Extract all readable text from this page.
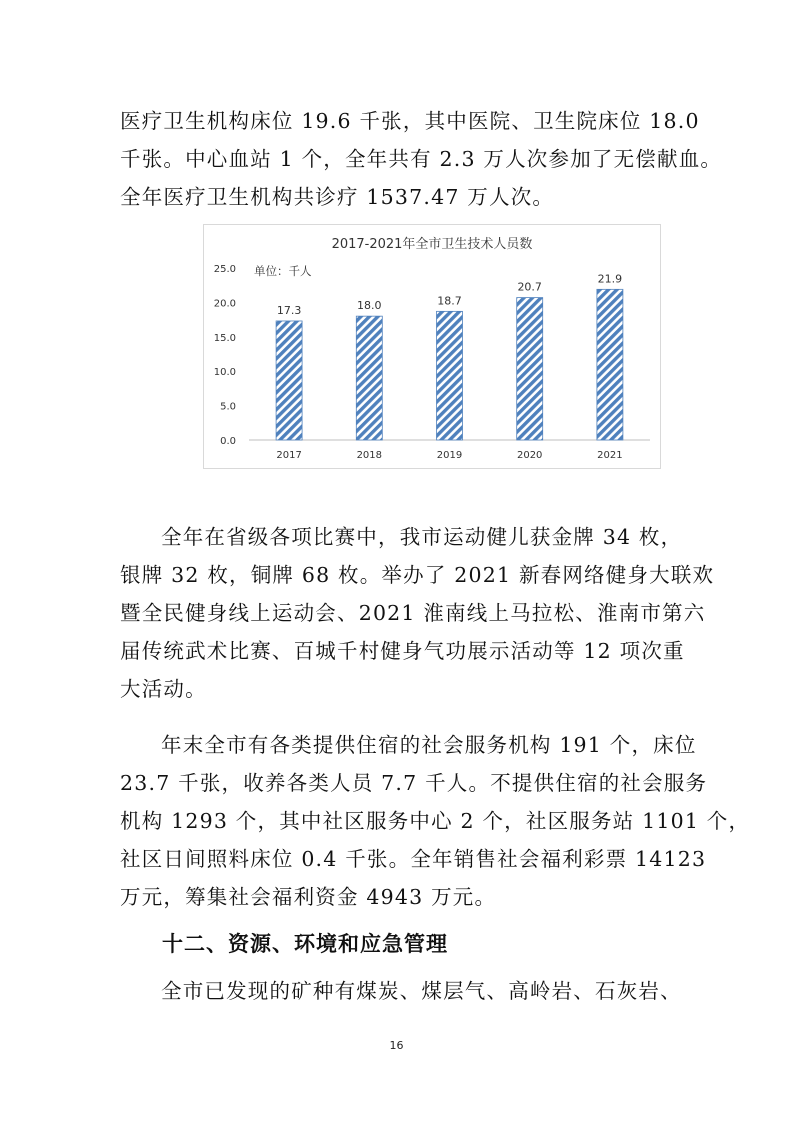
医疗卫生机构床位 19.6 千张，其中医院、卫生院床位 18.0
千张。中心血站 1 个，全年共有 2.3 万人次参加了无偿献血。
全年医疗卫生机构共诊疗 1537.47 万人次。
2017-2021年全市卫生技术人员数
0.0
5.0
10.0
15.0
20.0
25.0 单位：千人
17.3
2017
18.0
2018
18.7
2019
20.7
2020
21.9
2021
全年在省级各项比赛中，我市运动健儿获金牌 34 枚，
银牌 32 枚，铜牌 68 枚。举办了 2021 新春网络健身大联欢
暨全民健身线上运动会、2021 淮南线上马拉松、淮南市第六
届传统武术比赛、百城千村健身气功展示活动等 12 项次重
大活动。
年末全市有各类提供住宿的社会服务机构 191 个，床位
23.7 千张，收养各类人员 7.7 千人。不提供住宿的社会服务
机构 1293 个，其中社区服务中心 2 个，社区服务站 1101 个，
社区日间照料床位 0.4 千张。全年销售社会福利彩票 14123
万元，筹集社会福利资金 4943 万元。
十二、资源、环境和应急管理
全市已发现的矿种有煤炭、煤层气、高岭岩、石灰岩、
16
